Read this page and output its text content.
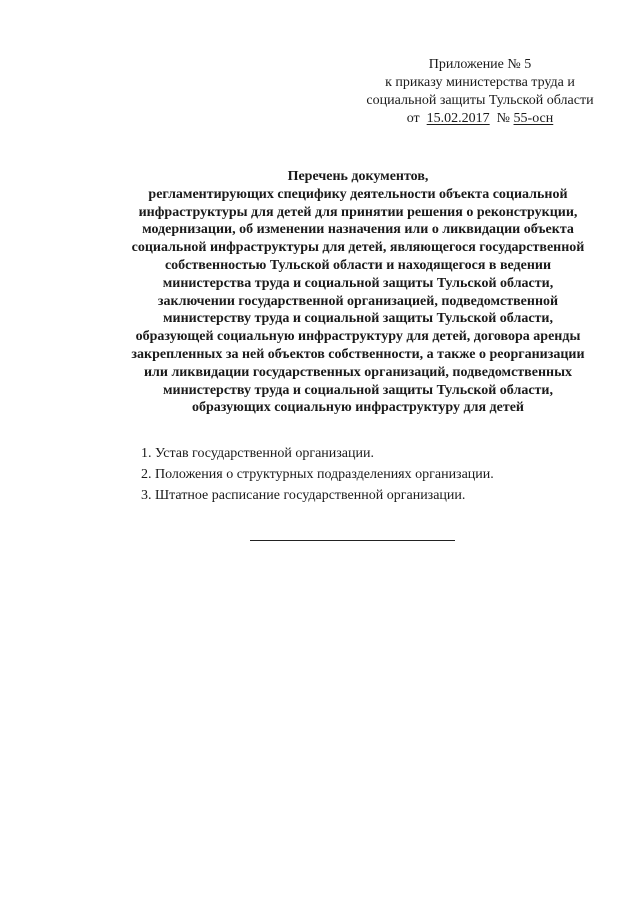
Приложение № 5
к приказу министерства труда и
социальной защиты Тульской области
от 15.02.2017 № 55-осн
Перечень документов,
регламентирующих специфику деятельности объекта социальной
инфраструктуры для детей для принятии решения о реконструкции,
модернизации, об изменении назначения или о ликвидации объекта
социальной инфраструктуры для детей, являющегося государственной
собственностью Тульской области и находящегося в ведении
министерства труда и социальной защиты Тульской области,
заключении государственной организацией, подведомственной
министерству труда и социальной защиты Тульской области,
образующей социальную инфраструктуру для детей, договора аренды
закрепленных за ней объектов собственности, а также о реорганизации
или ликвидации государственных организаций, подведомственных
министерству труда и социальной защиты Тульской области,
образующих социальную инфраструктуру для детей
1. Устав государственной организации.
2. Положения о структурных подразделениях организации.
3. Штатное расписание государственной организации.
